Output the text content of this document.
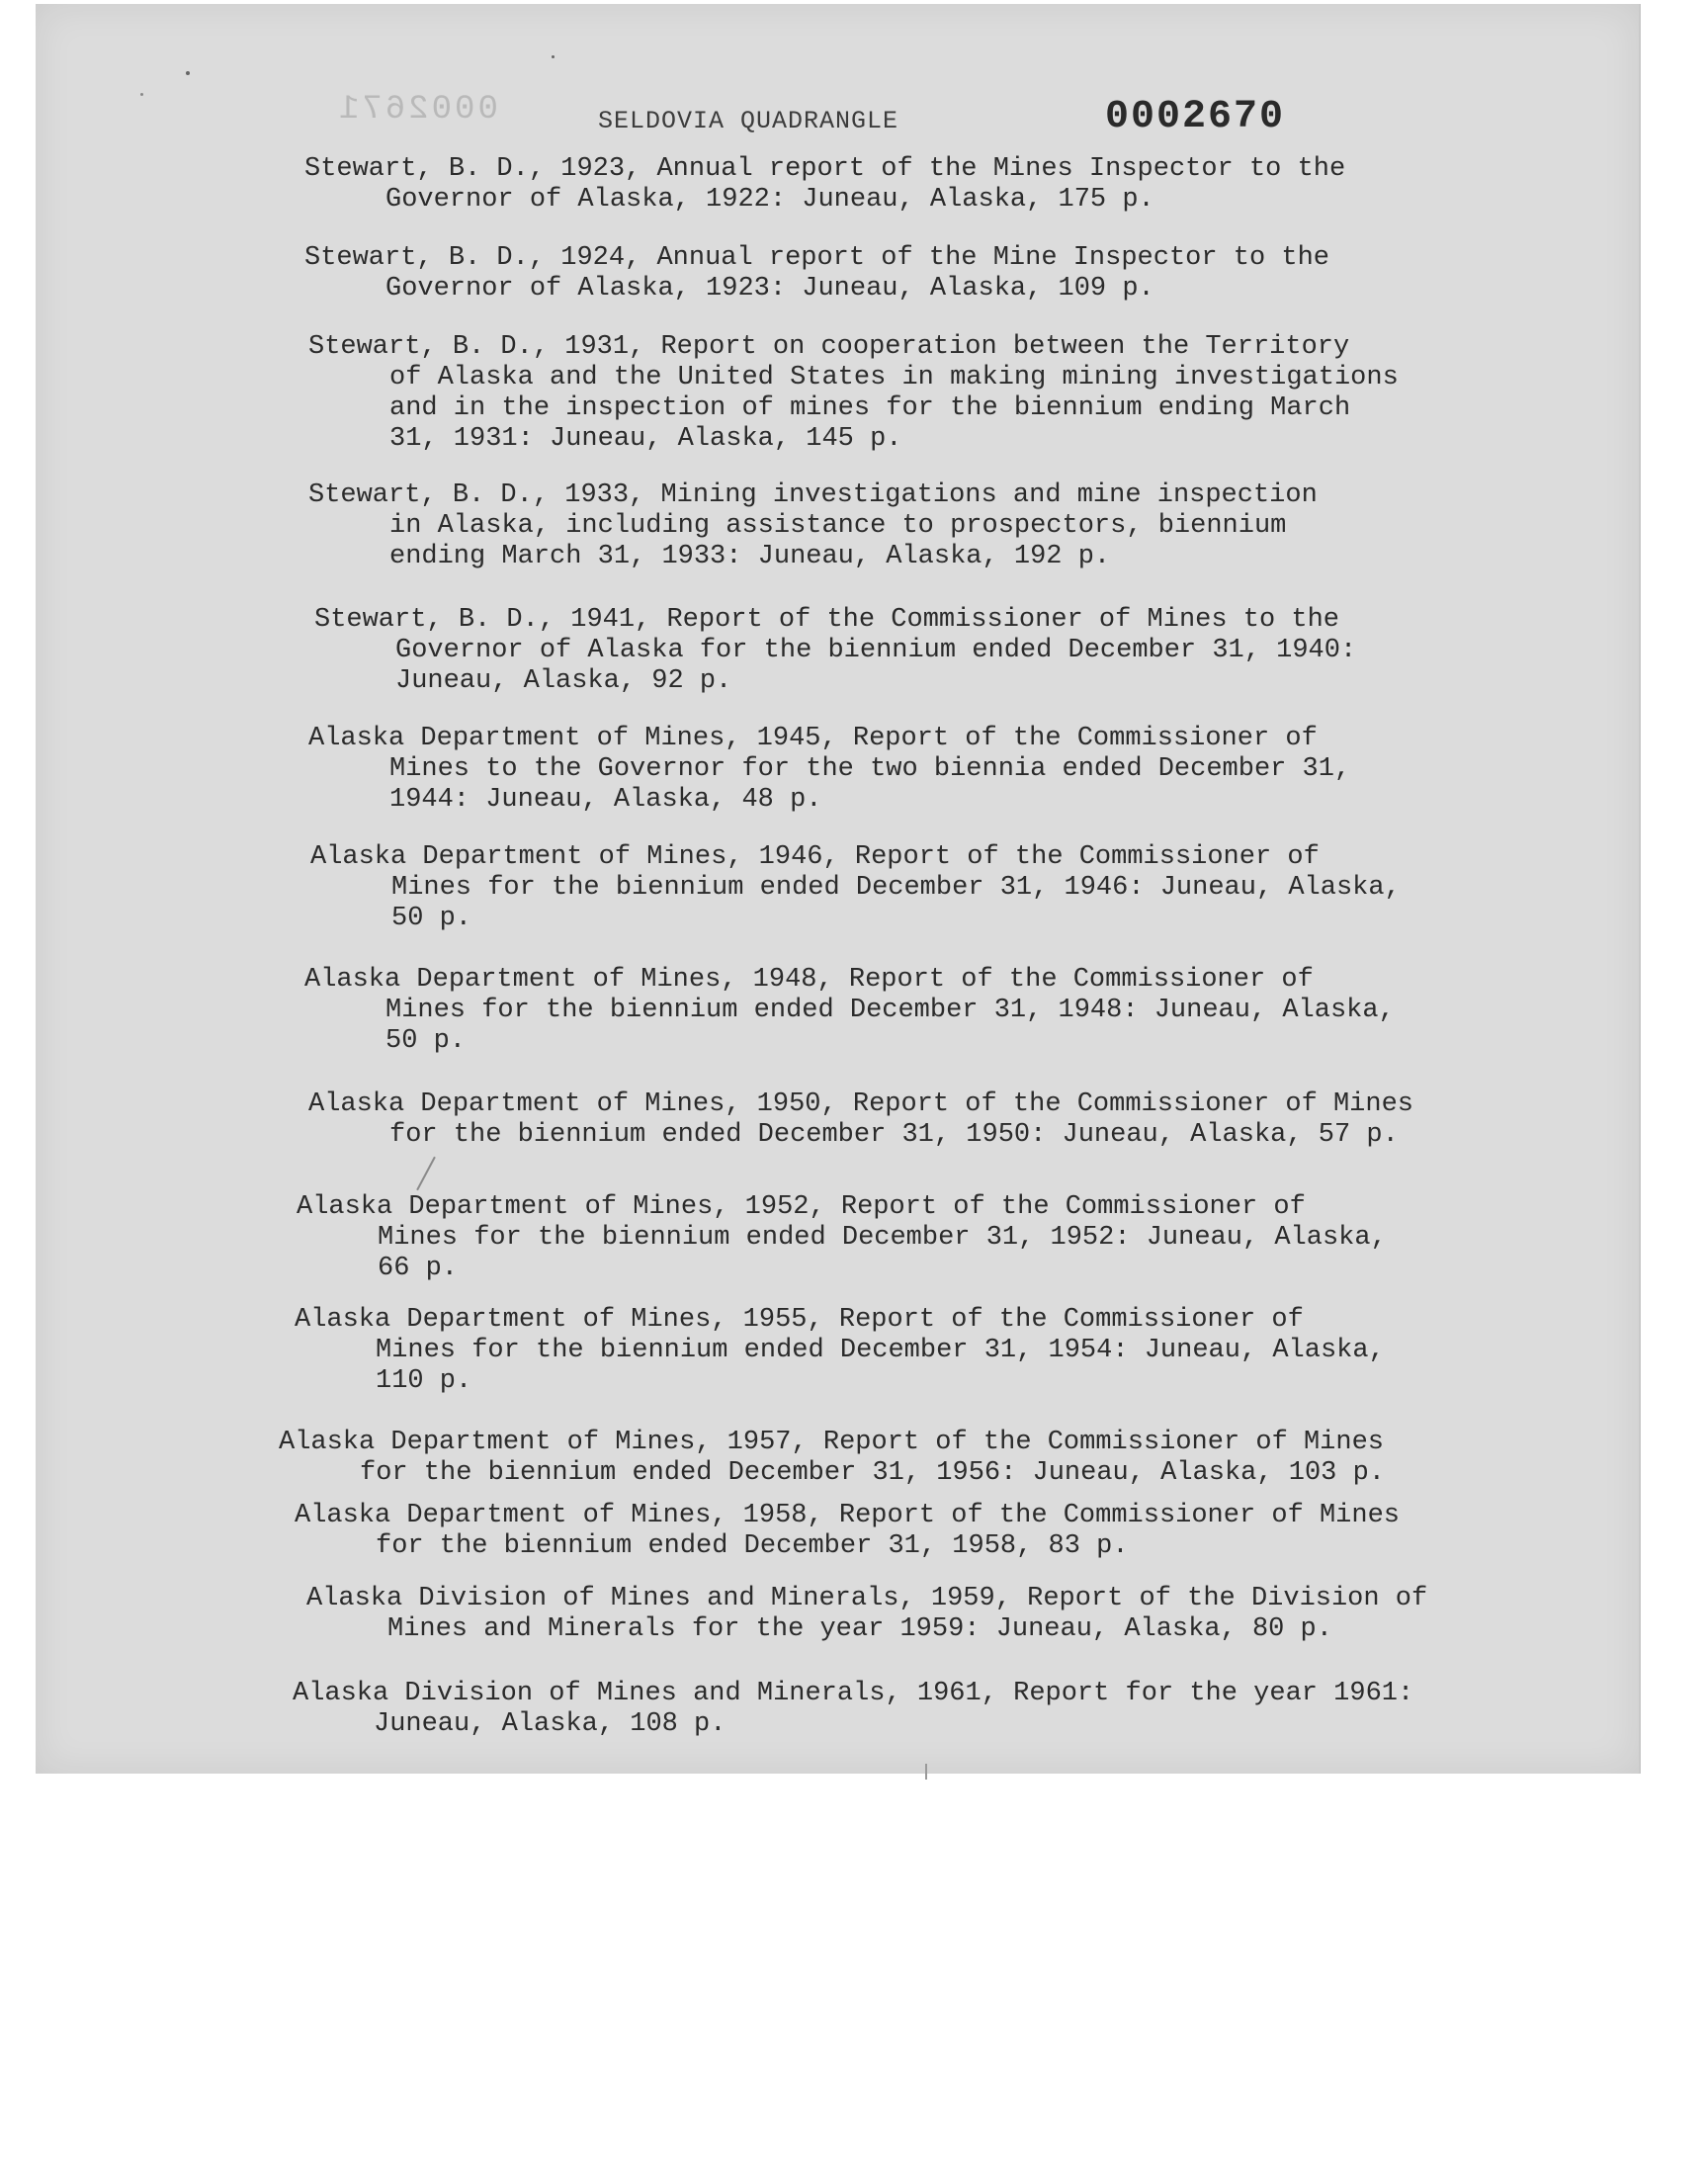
0002671	SELDOVIA QUADRANGLE	0002670
Stewart, B. D., 1923, Annual report of the Mines Inspector to the
Governor of Alaska, 1922: Juneau, Alaska, 175 p.
Stewart, B. D., 1924, Annual report of the Mine Inspector to the
Governor of Alaska, 1923: Juneau, Alaska, 109 p.
Stewart, B. D., 1931, Report on cooperation between the Territory
of Alaska and the United States in making mining investigations
and in the inspection of mines for the biennium ending March
31, 1931: Juneau, Alaska, 145 p.
Stewart, B. D., 1933, Mining investigations and mine inspection
in Alaska, including assistance to prospectors, biennium
ending March 31, 1933: Juneau, Alaska, 192 p.
Stewart, B. D., 1941, Report of the Commissioner of Mines to the
Governor of Alaska for the biennium ended December 31, 1940:
Juneau, Alaska, 92 p.
Alaska Department of Mines, 1945, Report of the Commissioner of
Mines to the Governor for the two biennia ended December 31,
1944: Juneau, Alaska, 48 p.
Alaska Department of Mines, 1946, Report of the Commissioner of
Mines for the biennium ended December 31, 1946: Juneau, Alaska,
50 p.
Alaska Department of Mines, 1948, Report of the Commissioner of
Mines for the biennium ended December 31, 1948: Juneau, Alaska,
50 p.
Alaska Department of Mines, 1950, Report of the Commissioner of Mines
for the biennium ended December 31, 1950: Juneau, Alaska, 57 p.
Alaska Department of Mines, 1952, Report of the Commissioner of
Mines for the biennium ended December 31, 1952: Juneau, Alaska,
66 p.
Alaska Department of Mines, 1955, Report of the Commissioner of
Mines for the biennium ended December 31, 1954: Juneau, Alaska,
110 p.
Alaska Department of Mines, 1957, Report of the Commissioner of Mines
for the biennium ended December 31, 1956: Juneau, Alaska, 103 p.
Alaska Department of Mines, 1958, Report of the Commissioner of Mines
for the biennium ended December 31, 1958, 83 p.
Alaska Division of Mines and Minerals, 1959, Report of the Division of
Mines and Minerals for the year 1959: Juneau, Alaska, 80 p.
Alaska Division of Mines and Minerals, 1961, Report for the year 1961:
Juneau, Alaska, 108 p.
